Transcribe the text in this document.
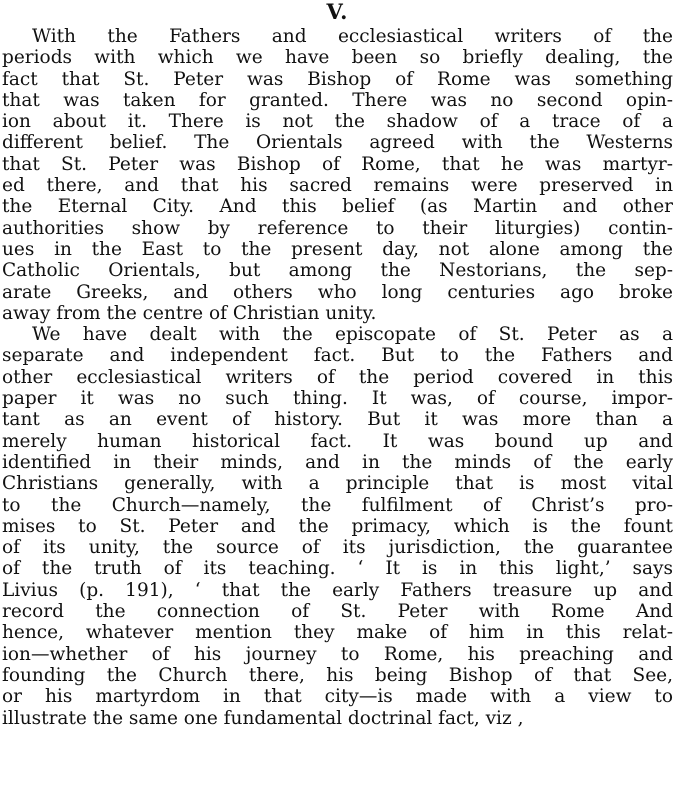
V.
With the Fathers and ecclesiastical writers of the
periods with which we have been so briefly dealing, the
fact that St. Peter was Bishop of Rome was something
that was taken for granted. There was no second opin-
ion about it. There is not the shadow of a trace of a
different belief. The Orientals agreed with the Westerns
that St. Peter was Bishop of Rome, that he was martyr-
ed there, and that his sacred remains were preserved in
the Eternal City. And this belief (as Martin and other
authorities show by reference to their liturgies) contin-
ues in the East to the present day, not alone among the
Catholic Orientals, but among the Nestorians, the sep-
arate Greeks, and others who long centuries ago broke
away from the centre of Christian unity.
We have dealt with the episcopate of St. Peter as a
separate and independent fact. But to the Fathers and
other ecclesiastical writers of the period covered in this
paper it was no such thing. It was, of course, impor-
tant as an event of history. But it was more than a
merely human historical fact. It was bound up and
identified in their minds, and in the minds of the early
Christians generally, with a principle that is most vital
to the Church—namely, the fulfilment of Christ’s pro-
mises to St. Peter and the primacy, which is the fount
of its unity, the source of its jurisdiction, the guarantee
of the truth of its teaching. ‘ It is in this light,’ says
Livius (p. 191), ‘ that the early Fathers treasure up and
record the connection of St. Peter with Rome And
hence, whatever mention they make of him in this relat-
ion—whether of his journey to Rome, his preaching and
founding the Church there, his being Bishop of that See,
or his martyrdom in that city—is made with a view to
illustrate the same one fundamental doctrinal fact, viz ,
